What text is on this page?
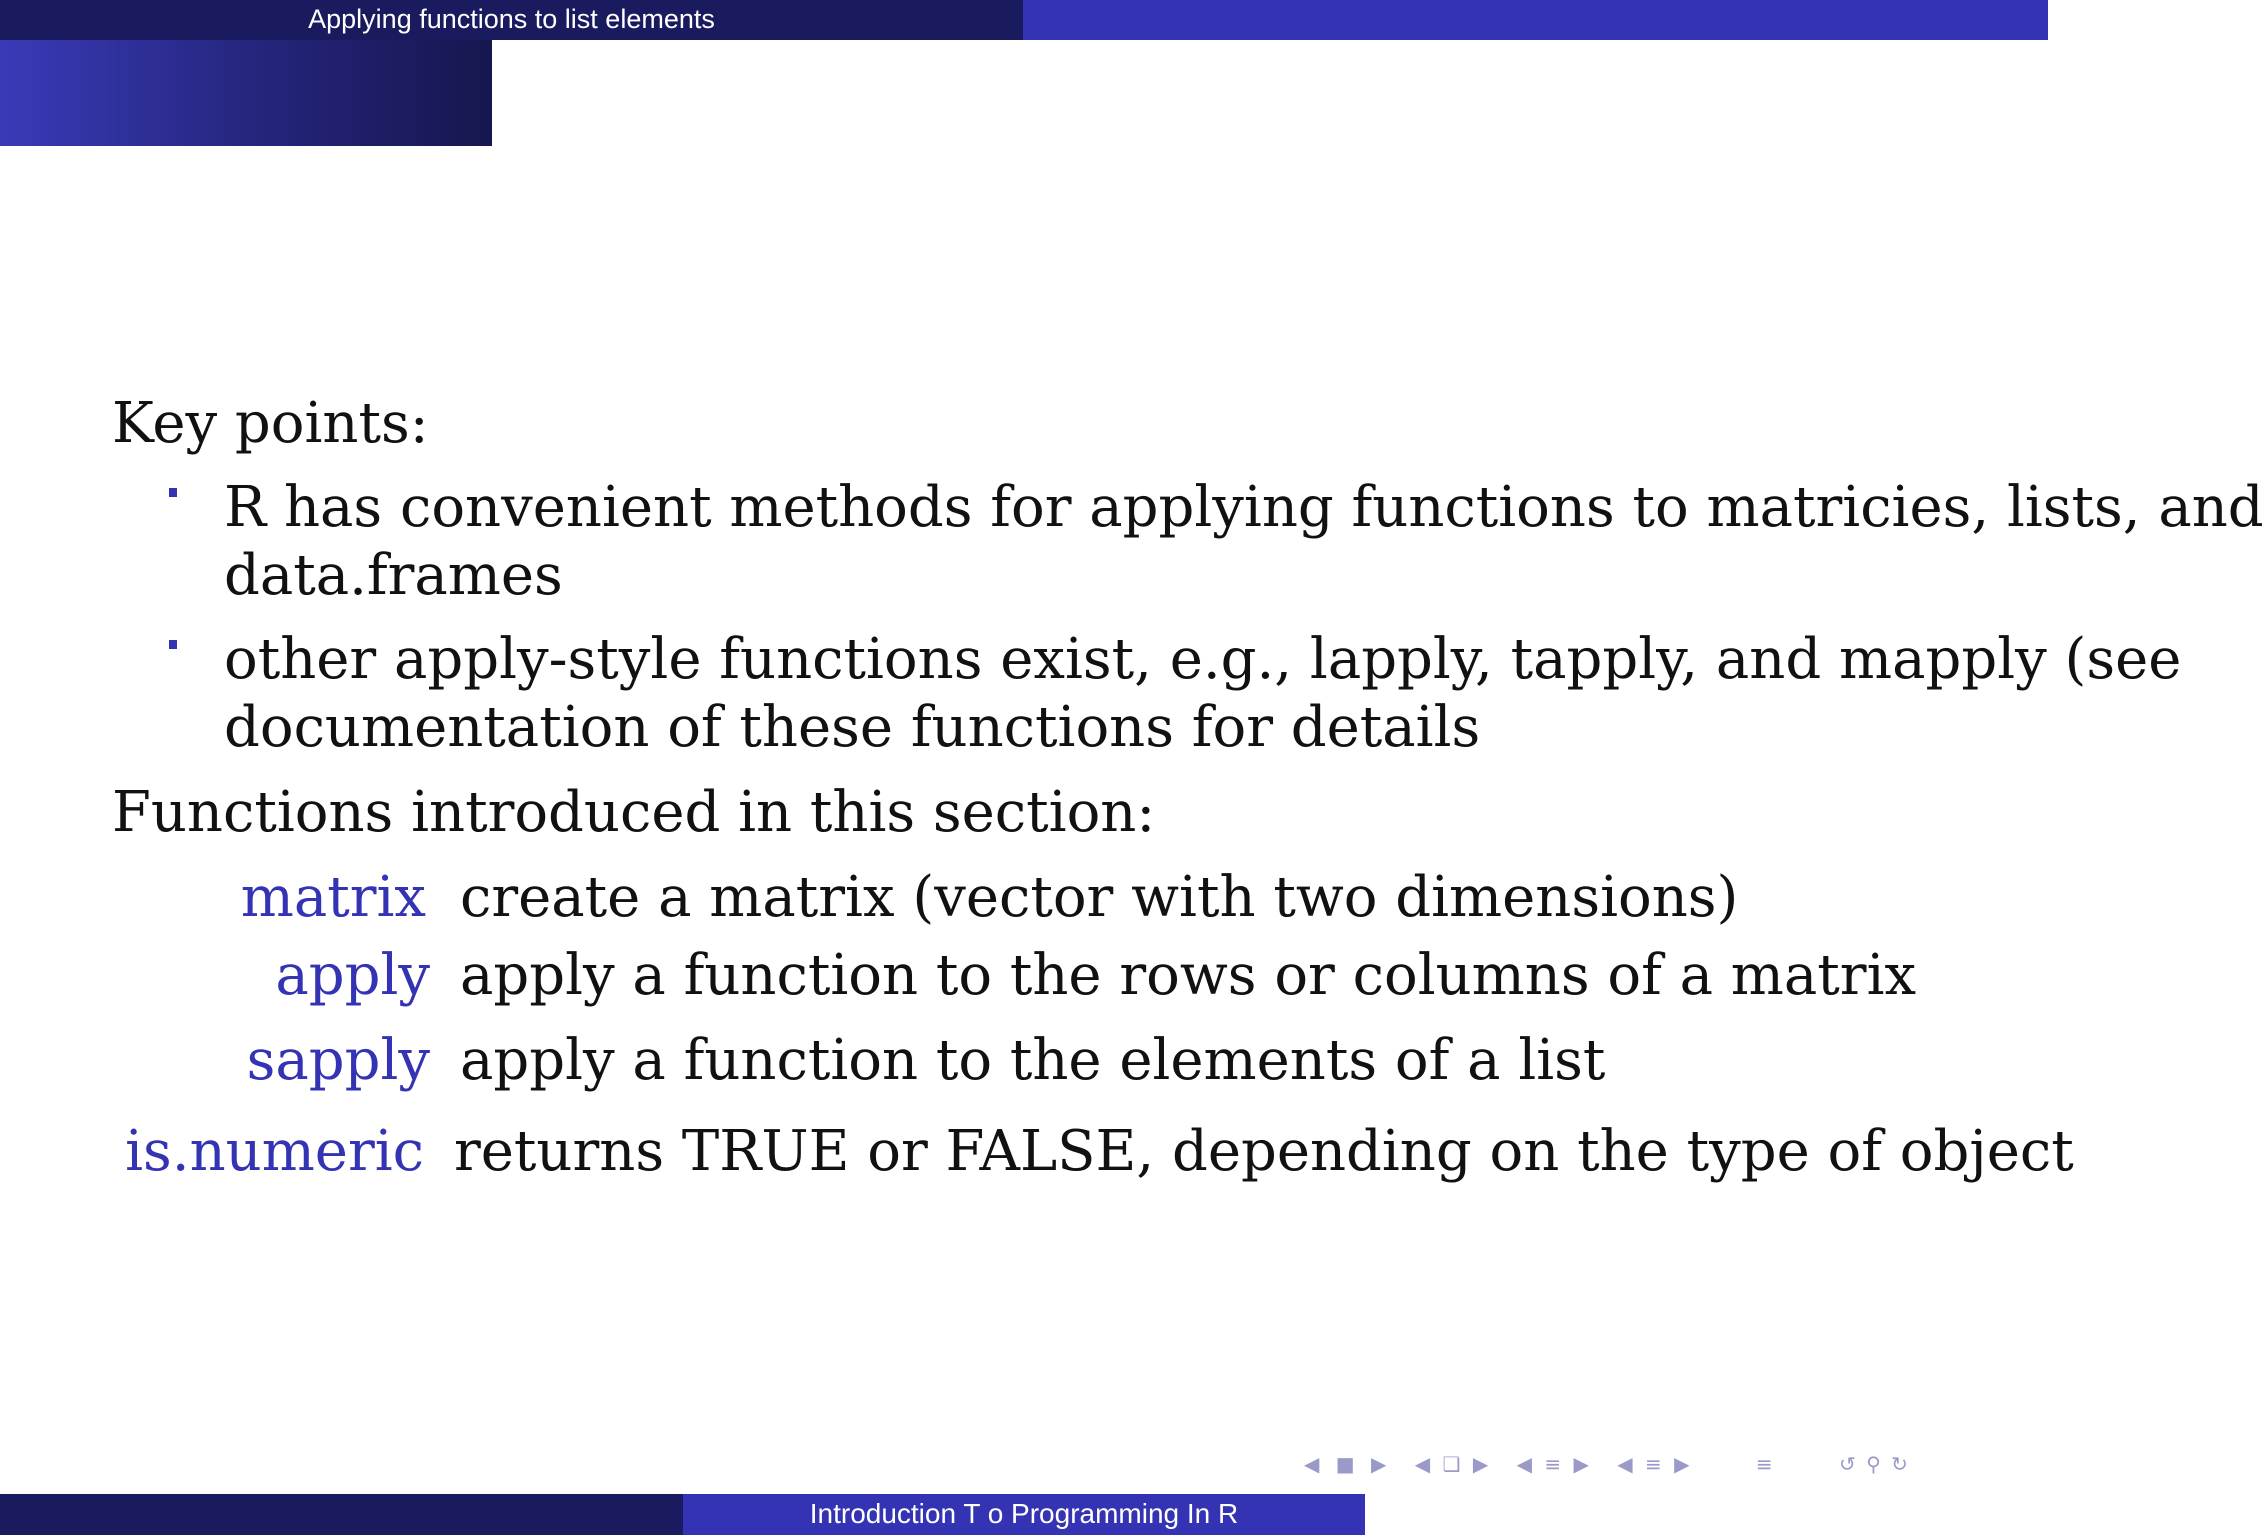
Applying functions to list elements
Key points:
R has convenient methods for applying functions to matricies, lists, and
data.frames
other apply-style functions exist, e.g., lapply, tapply, and mapply (see
documentation of these functions for details
Functions introduced in this section:
matrix create a matrix (vector with two dimensions)
apply apply a function to the rows or columns of a matrix
sapply apply a function to the elements of a list
is.numeric returns TRUE or FALSE, depending on the type of object
◀ ■ ▶ ◀ ❏ ▶ ◀ ≡ ▶ ◀ ≡ ▶	≡	↺ ⚲ ↻
Introduction T o Programming In R
